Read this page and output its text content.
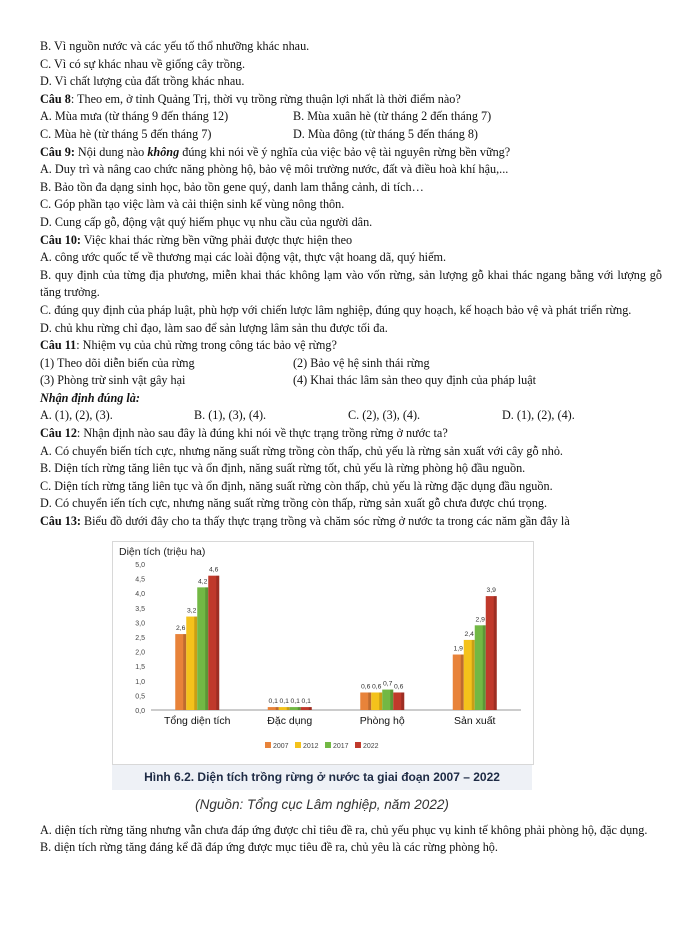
B. Vì nguồn nước và các yếu tố thổ nhưỡng khác nhau.
C. Vì có sự khác nhau về giống cây trồng.
D. Vì chất lượng của đất trồng khác nhau.
Câu 8: Theo em, ở tỉnh Quảng Trị, thời vụ trồng rừng thuận lợi nhất là thời điểm nào?
A. Mùa mưa (từ tháng 9 đến tháng 12)	B. Mùa xuân hè (từ tháng 2 đến tháng 7)
C. Mùa hè (từ tháng 5 đến tháng 7)	D. Mùa đông (từ tháng 5 đến tháng 8)
Câu 9: Nội dung nào không đúng khi nói về ý nghĩa của việc bảo vệ tài nguyên rừng bền vững?
A. Duy trì và nâng cao chức năng phòng hộ, bảo vệ môi trường nước, đất và điều hoà khí hậu,...
B. Bảo tồn đa dạng sinh học, bảo tồn gene quý, danh lam thắng cảnh, di tích…
C. Góp phần tạo việc làm và cải thiện sinh kế vùng nông thôn.
D. Cung cấp gỗ, động vật quý hiếm phục vụ nhu cầu của người dân.
Câu 10: Việc khai thác rừng bền vững phải được thực hiện theo
A. công ước quốc tế về thương mại các loài động vật, thực vật hoang dã, quý hiếm.
B. quy định của từng địa phương, miễn khai thác không lạm vào vốn rừng, sản lượng gỗ khai thác ngang bằng với lượng gỗ tăng trưởng.
C. đúng quy định của pháp luật, phù hợp với chiến lược lâm nghiệp, đúng quy hoạch, kế hoạch bảo vệ và phát triển rừng.
D. chủ khu rừng chỉ đạo, làm sao để sản lượng lâm sản thu được tối đa.
Câu 11: Nhiệm vụ của chủ rừng trong công tác bảo vệ rừng?
(1) Theo dõi diễn biến của rừng	(2) Bảo vệ hệ sinh thái rừng
(3) Phòng trừ sinh vật gây hại	(4) Khai thác lâm sản theo quy định của pháp luật
Nhận định đúng là:
A. (1), (2), (3).	B. (1), (3), (4).	C. (2), (3), (4).	D. (1), (2), (4).
Câu 12: Nhận định nào sau đây là đúng khi nói về thực trạng trồng rừng ở nước ta?
A. Có chuyển biến tích cực, nhưng năng suất rừng trồng còn thấp, chủ yếu là rừng sản xuất với cây gỗ nhỏ.
B. Diện tích rừng tăng liên tục và ổn định, năng suất rừng tốt, chủ yếu là rừng phòng hộ đầu nguồn.
C. Diện tích rừng tăng liên tục và ổn định, năng suất rừng còn thấp, chủ yếu là rừng đặc dụng đầu nguồn.
D. Có chuyển iến tích cực, nhưng năng suất rừng trồng còn thấp, rừng sản xuất gỗ chưa được chú trọng.
Câu 13: Biểu đồ dưới đây cho ta thấy thực trạng trồng và chăm sóc rừng ở nước ta trong các năm gần đây là
Diện tích (triệu ha)
5,0
4,5
4,0
3,5
3,0
2,5
2,0
1,5
1,0
0,5
0,0
2,6
3,2
4,2
4,6
Tổng diện tích
0,1 0,1 0,1 0,1
Đặc dụng
0,6 0,6 0,7 0,6
Phòng hộ
1,9
2,4
2,9
3,9
Sản xuất
2007 2012 2017 2022
Hình 6.2. Diện tích trồng rừng ở nước ta giai đoạn 2007 – 2022
(Nguồn: Tổng cục Lâm nghiệp, năm 2022)
A. diện tích rừng tăng nhưng vẫn chưa đáp ứng được chỉ tiêu đề ra, chủ yếu phục vụ kinh tế không phải phòng hộ, đặc dụng.
B. diện tích rừng tăng đáng kể đã đáp ứng được mục tiêu đề ra, chủ yêu là các rừng phòng hộ.
